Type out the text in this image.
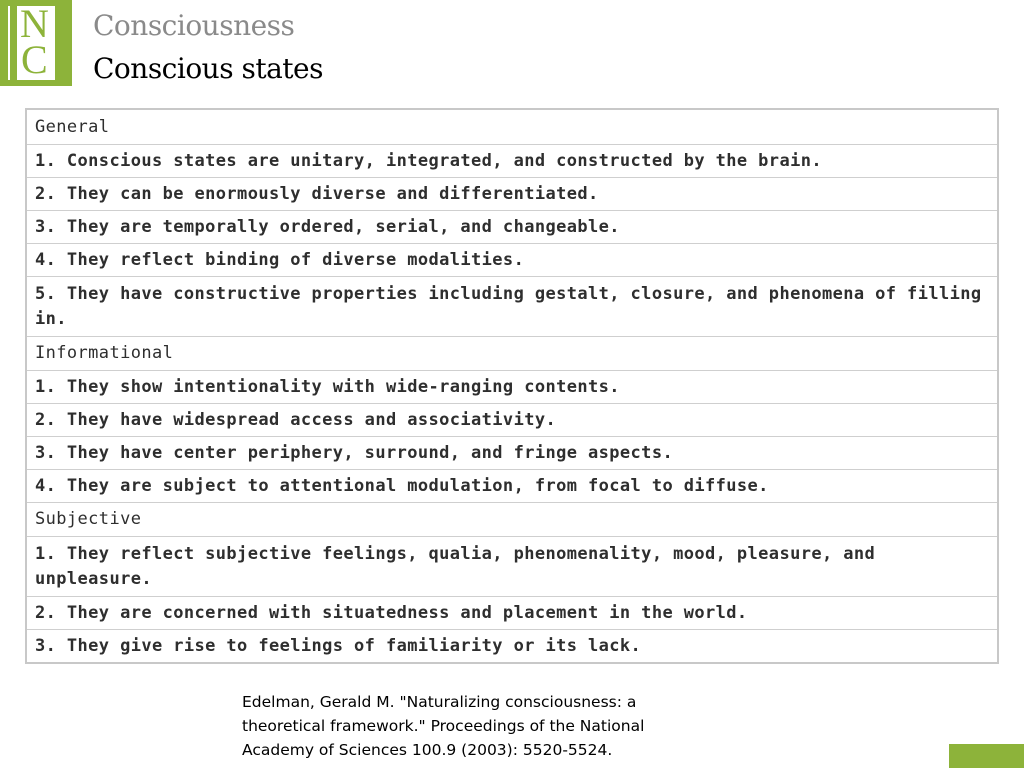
N
C
Consciousness
Conscious states
General
1. Conscious states are unitary, integrated, and constructed by the brain.
2. They can be enormously diverse and differentiated.
3. They are temporally ordered, serial, and changeable.
4. They reflect binding of diverse modalities.
5. They have constructive properties including gestalt, closure, and phenomena of filling in.
Informational
1. They show intentionality with wide-ranging contents.
2. They have widespread access and associativity.
3. They have center periphery, surround, and fringe aspects.
4. They are subject to attentional modulation, from focal to diffuse.
Subjective
1. They reflect subjective feelings, qualia, phenomenality, mood, pleasure, and unpleasure.
2. They are concerned with situatedness and placement in the world.
3. They give rise to feelings of familiarity or its lack.
Edelman, Gerald M. "Naturalizing consciousness: a theoretical framework." Proceedings of the National Academy of Sciences 100.9 (2003): 5520-5524.
